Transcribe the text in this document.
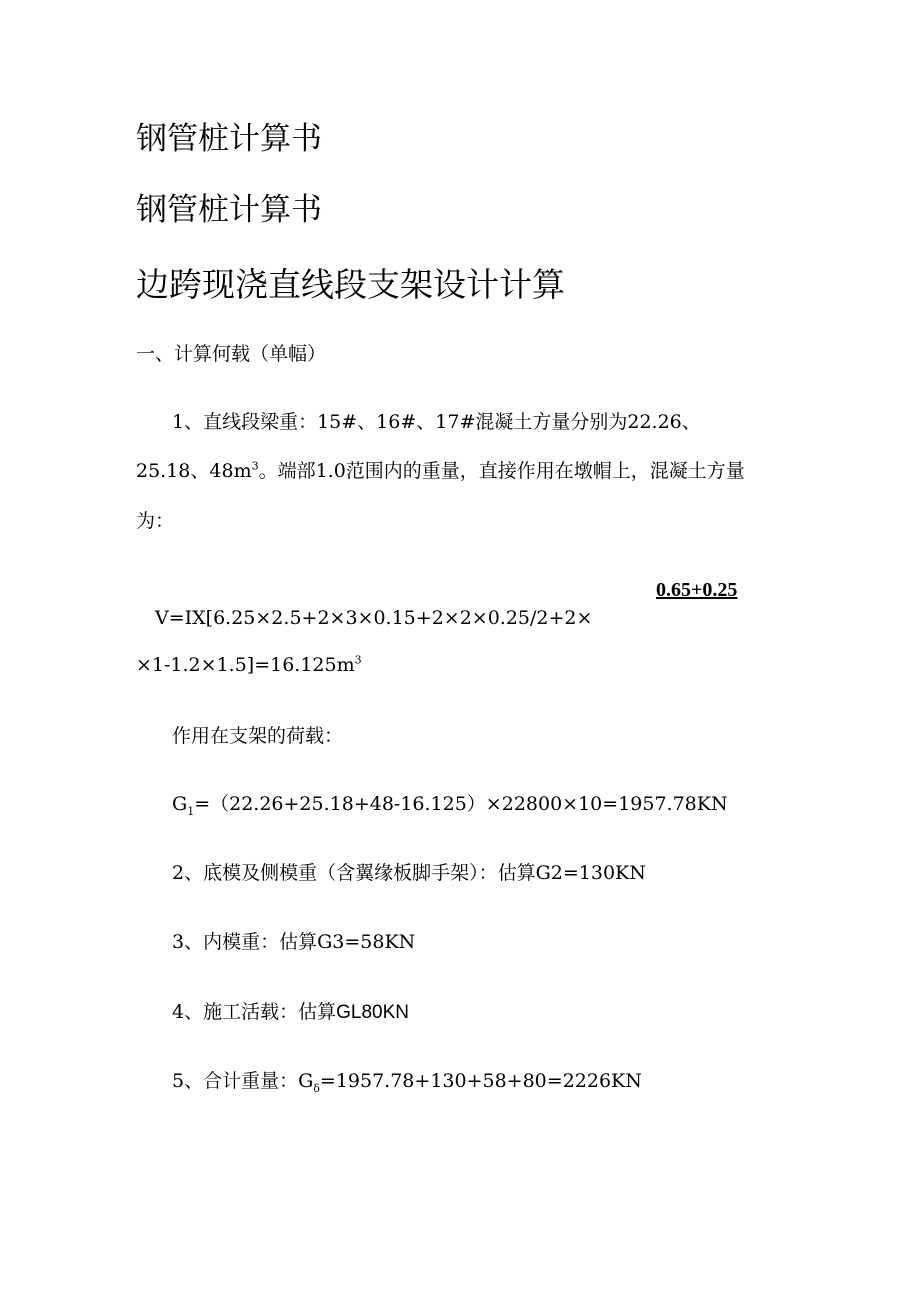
钢管桩计算书
钢管桩计算书
边跨现浇直线段支架设计计算
一、计算何载（单幅）
1、直线段梁重：15#、16#、17#混凝土方量分别为22.26、
25.18、$48m^3$。端部1.0范围内的重量，直接作用在墩帽上，混凝土方量
为：
0.65+0.25
V=IX[6.25×2.5+2×3×0.15+2×2×0.25/2+2×
$\times 1-1.2\times 1.5]=16.125m^3$
作用在支架的荷载：
$G_1=(22.26+25.18+48-16.125)\times 22800\times 10=1957.78KN$
2、底模及侧模重（含翼缘板脚手架）：估算G2=130KN
3、内模重：估算G3=58KN
4、施工活载：估算GL80KN
5、合计重量：$G_\delta=1957.78+130+58+80=2226KN$
